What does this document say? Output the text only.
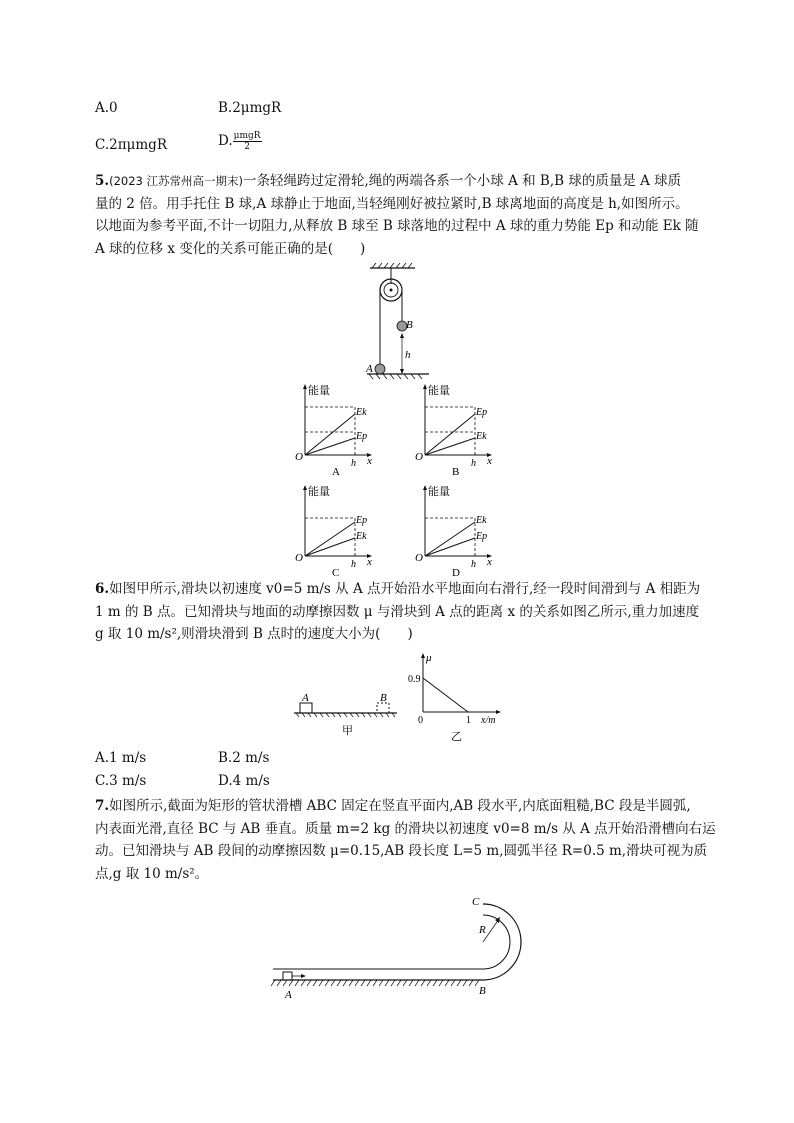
A.0	B.2μmgR
C.2πμmgR	D. $\frac{\text{μmgR}}{2}$
5.(2023 江苏常州高一期末)一条轻绳跨过定滑轮,绳的两端各系一个小球 A 和 B,B 球的质量是 A 球质
量的 2 倍。用手托住 B 球,A 球静止于地面,当轻绳刚好被拉紧时,B 球离地面的高度是 h,如图所示。
以地面为参考平面,不计一切阻力,从释放 B 球至 B 球落地的过程中 A 球的重力势能 Ep 和动能 Ek 随
A 球的位移 x 变化的关系可能正确的是(　　)
B
A
h
能量
Ek
Ep
O
h x
A
能量
Ep
Ek
O
h x
B
能量
Ep
Ek
O
h x
C
能量
Ek
Ep
O
h x
D
6.如图甲所示,滑块以初速度 v0=5 m/s 从 A 点开始沿水平地面向右滑行,经一段时间滑到与 A 相距为
1 m 的 B 点。已知滑块与地面的动摩擦因数 μ 与滑块到 A 点的距离 x 的关系如图乙所示,重力加速度
g 取 10 m/s²,则滑块滑到 B 点时的速度大小为(　　)
A	B
甲
μ
0.9
0	1 x/m
乙
A.1 m/s	B.2 m/s
C.3 m/s	D.4 m/s
7.如图所示,截面为矩形的管状滑槽 ABC 固定在竖直平面内,AB 段水平,内底面粗糙,BC 段是半圆弧,
内表面光滑,直径 BC 与 AB 垂直。质量 m=2 kg 的滑块以初速度 v0=8 m/s 从 A 点开始沿滑槽向右运
动。已知滑块与 AB 段间的动摩擦因数 μ=0.15,AB 段长度 L=5 m,圆弧半径 R=0.5 m,滑块可视为质
点,g 取 10 m/s²。
R
C
A	B
